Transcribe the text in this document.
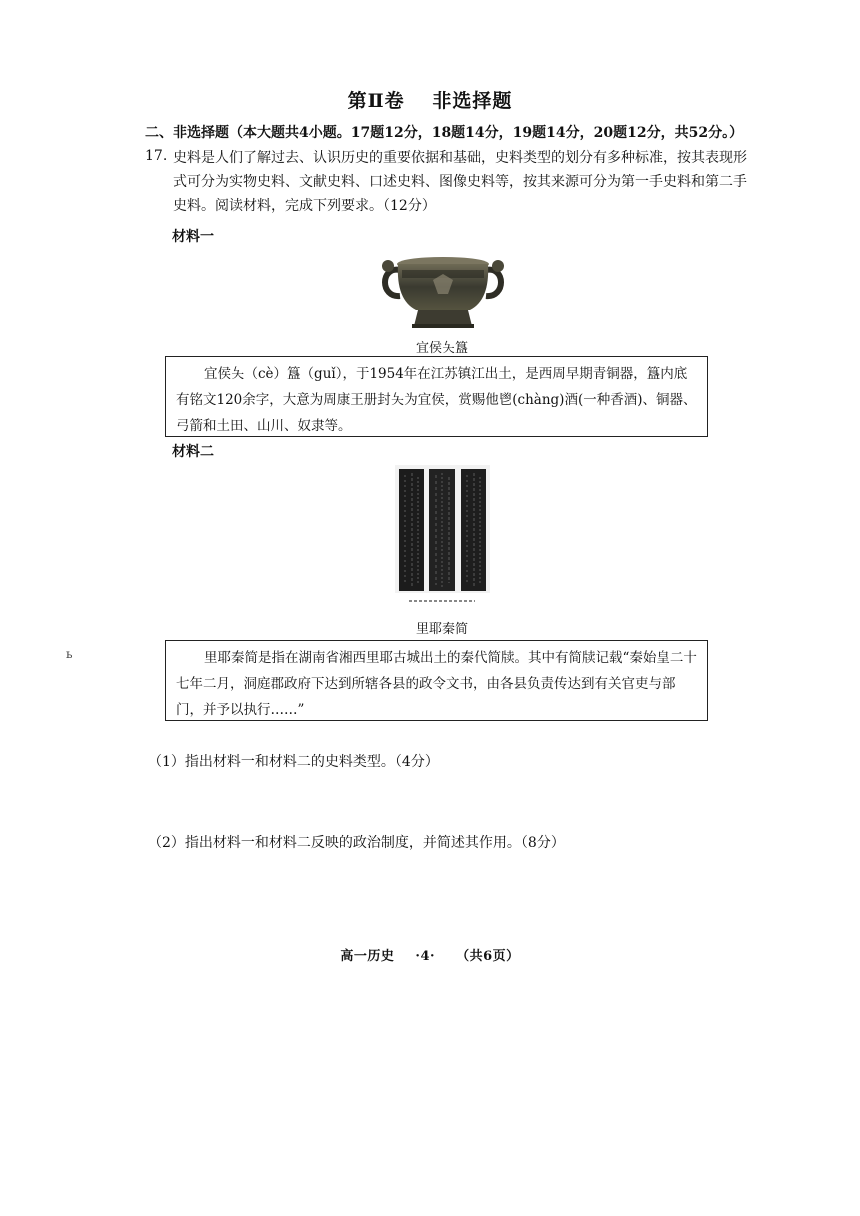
第Ⅱ卷 非选择题
二、非选择题（本大题共4小题。17题12分，18题14分，19题14分，20题12分，共52分。）
17. 史料是人们了解过去、认识历史的重要依据和基础，史料类型的划分有多种标准，按其表现形式可分为实物史料、文献史料、口述史料、图像史料等，按其来源可分为第一手史料和第二手史料。阅读材料，完成下列要求。（12分）
材料一
宜侯夨簋

宜侯夨（cè）簋（guǐ），于1954年在江苏镇江出土，是西周早期青铜器，簋内底有铭文120余字，大意为周康王册封夨为宜侯，赏赐他鬯(chàng)酒(一种香酒)、铜器、弓箭和土田、山川、奴隶等。

材料二
里耶秦简
ь	里耶秦简是指在湖南省湘西里耶古城出土的秦代简牍。其中有简牍记载“秦始皇二十七年二月，洞庭郡政府下达到所辖各县的政令文书，由各县负责传达到有关官吏与部门，并予以执行……”

（1）指出材料一和材料二的史料类型。（4分）
（2）指出材料一和材料二反映的政治制度，并简述其作用。（8分）
高一历史 ·4· （共6页）
